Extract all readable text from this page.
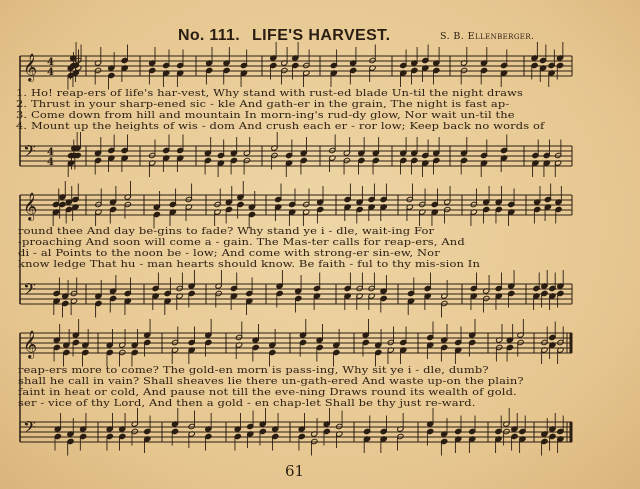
𝄞 4
4
𝄢 4
4
𝄞
𝄢
𝄞
𝄢
No. 111. LIFE'S HARVEST.	S. B. Ellenberger.
1. Ho! reap-ers of life's har-vest, Why stand with rust-ed blade Un-til the night draws
2. Thrust in your sharp-ened sic - kle And gath-er in the grain, The night is fast ap-
3. Come down from hill and mountain In morn-ing's rud-dy glow, Nor wait un-til the
4. Mount up the heights of wis - dom And crush each er - ror low; Keep back no words of
round thee And day be-gins to fade? Why stand ye i - dle, wait-ing For
-proaching And soon will come a - gain. The Mas-ter calls for reap-ers, And
di - al Points to the noon be - low; And come with strong-er sin-ew, Nor
know ledge That hu - man hearts should know. Be faith - ful to thy mis-sion In
reap-ers more to come? The gold-en morn is pass-ing, Why sit ye i - dle, dumb?
shall he call in vain? Shall sheaves lie there un-gath-ered And waste up-on the plain?
faint in heat or cold, And pause not till the eve-ning Draws round its wealth of gold.
ser - vice of thy Lord, And then a gold - en chap-let Shall be thy just re-ward.
61
